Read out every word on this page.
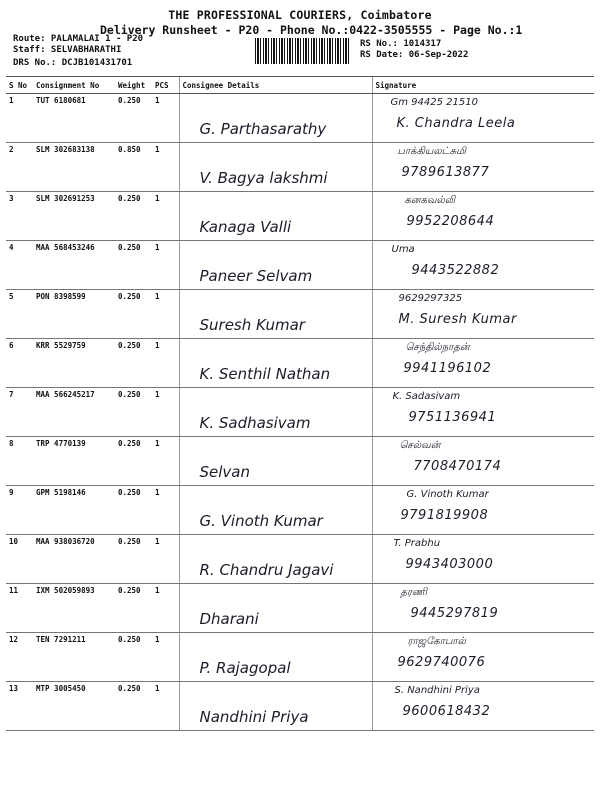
THE PROFESSIONAL COURIERS, Coimbatore
Delivery Runsheet - P20 - Phone No.:0422-3505555 - Page No.:1
Route: PALAMALAI 1 - P20
Staff: SELVABHARATHI
DRS No.: DCJB101431701
RS No.: 1014317
RS Date: 06-Sep-2022
S No	Consignment No	Weight	PCS	Consignee Details	Signature
1	TUT 6180681	0.250	1	G. Parthasarathy	Gm 94425 21510
K. Chandra Leela

2	SLM 302683138	0.850	1	V. Bagya lakshmi	பாக்கியலட்சுமி
9789613877

3	SLM 302691253	0.250	1	Kanaga Valli	கனகவல்லி
9952208644

4	MAA 568453246	0.250	1	Paneer Selvam	Uma
9443522882

5	PON 8398599	0.250	1	Suresh Kumar	9629297325
M. Suresh Kumar

6	KRR 5529759	0.250	1	K. Senthil Nathan	செந்தில்நாதன்
9941196102

7	MAA 566245217	0.250	1	K. Sadhasivam	K. Sadasivam
9751136941

8	TRP 4770139	0.250	1	Selvan	செல்வன்
7708470174

9	GPM 5198146	0.250	1	G. Vinoth Kumar	G. Vinoth Kumar
9791819908

10	MAA 938036720	0.250	1	R. Chandru Jagavi	T. Prabhu
9943403000

11	IXM 502059893	0.250	1	Dharani	தரணி
9445297819

12	TEN 7291211	0.250	1	P. Rajagopal	ராஜகோபால்
9629740076

13	MTP 3005450	0.250	1	Nandhini Priya	S. Nandhini Priya
9600618432
